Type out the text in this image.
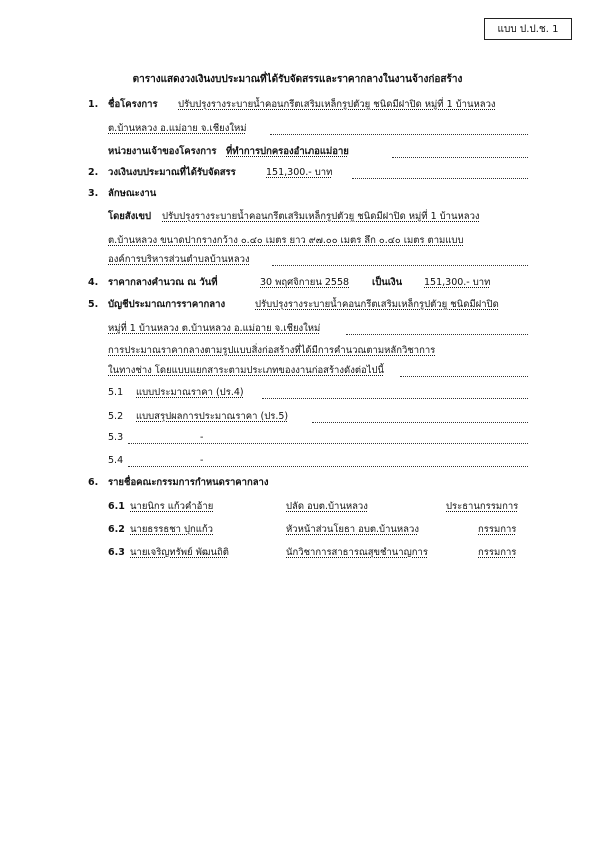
แบบ ป.ป.ช. 1
ตารางแสดงวงเงินงบประมาณที่ได้รับจัดสรรและราคากลางในงานจ้างก่อสร้าง
1. ชื่อโครงการ ปรับปรุงรางระบายน้ำคอนกรีตเสริมเหล็กรูปตัวยู ชนิดมีฝาปิด หมู่ที่ 1 บ้านหลวง
ต.บ้านหลวง อ.แม่อาย จ.เชียงใหม่
หน่วยงานเจ้าของโครงการ ที่ทำการปกครองอำเภอแม่อาย
2. วงเงินงบประมาณที่ได้รับจัดสรร	151,300.- บาท
3. ลักษณะงาน
โดยสังเขป ปรับปรุงรางระบายน้ำคอนกรีตเสริมเหล็กรูปตัวยู ชนิดมีฝาปิด หมู่ที่ 1 บ้านหลวง
ต.บ้านหลวง ขนาดปากรางกว้าง ๐.๔๐ เมตร ยาว ๙๗.๐๐ เมตร ลึก ๐.๔๐ เมตร ตามแบบ
องค์การบริหารส่วนตำบลบ้านหลวง
4. ราคากลางคำนวณ ณ วันที่	30 พฤศจิกายน 2558 เป็นเงิน 151,300.- บาท
5. บัญชีประมาณการราคากลาง	ปรับปรุงรางระบายน้ำคอนกรีตเสริมเหล็กรูปตัวยู ชนิดมีฝาปิด
หมู่ที่ 1 บ้านหลวง ต.บ้านหลวง อ.แม่อาย จ.เชียงใหม่
การประมาณราคากลางตามรูปแบบสิ่งก่อสร้างที่ได้มีการคำนวณตามหลักวิชาการ
ในทางช่าง โดยแบบแยกสาระตามประเภทของงานก่อสร้างดังต่อไปนี้
5.1 แบบประมาณราคา (ปร.4)
5.2 แบบสรุปผลการประมาณราคา (ปร.5)
5.3	-
5.4	-
6. รายชื่อคณะกรรมการกำหนดราคากลาง
6.1 นายนิกร แก้วคำอ้าย	ปลัด อบต.บ้านหลวง	ประธานกรรมการ
6.2 นายธรรธชา ปุกแก้ว	หัวหน้าส่วนโยธา อบต.บ้านหลวง	กรรมการ
6.3 นายเจริญทรัพย์ พัฒนถิติ	นักวิชาการสาธารณสุขชำนาญการ	กรรมการ
